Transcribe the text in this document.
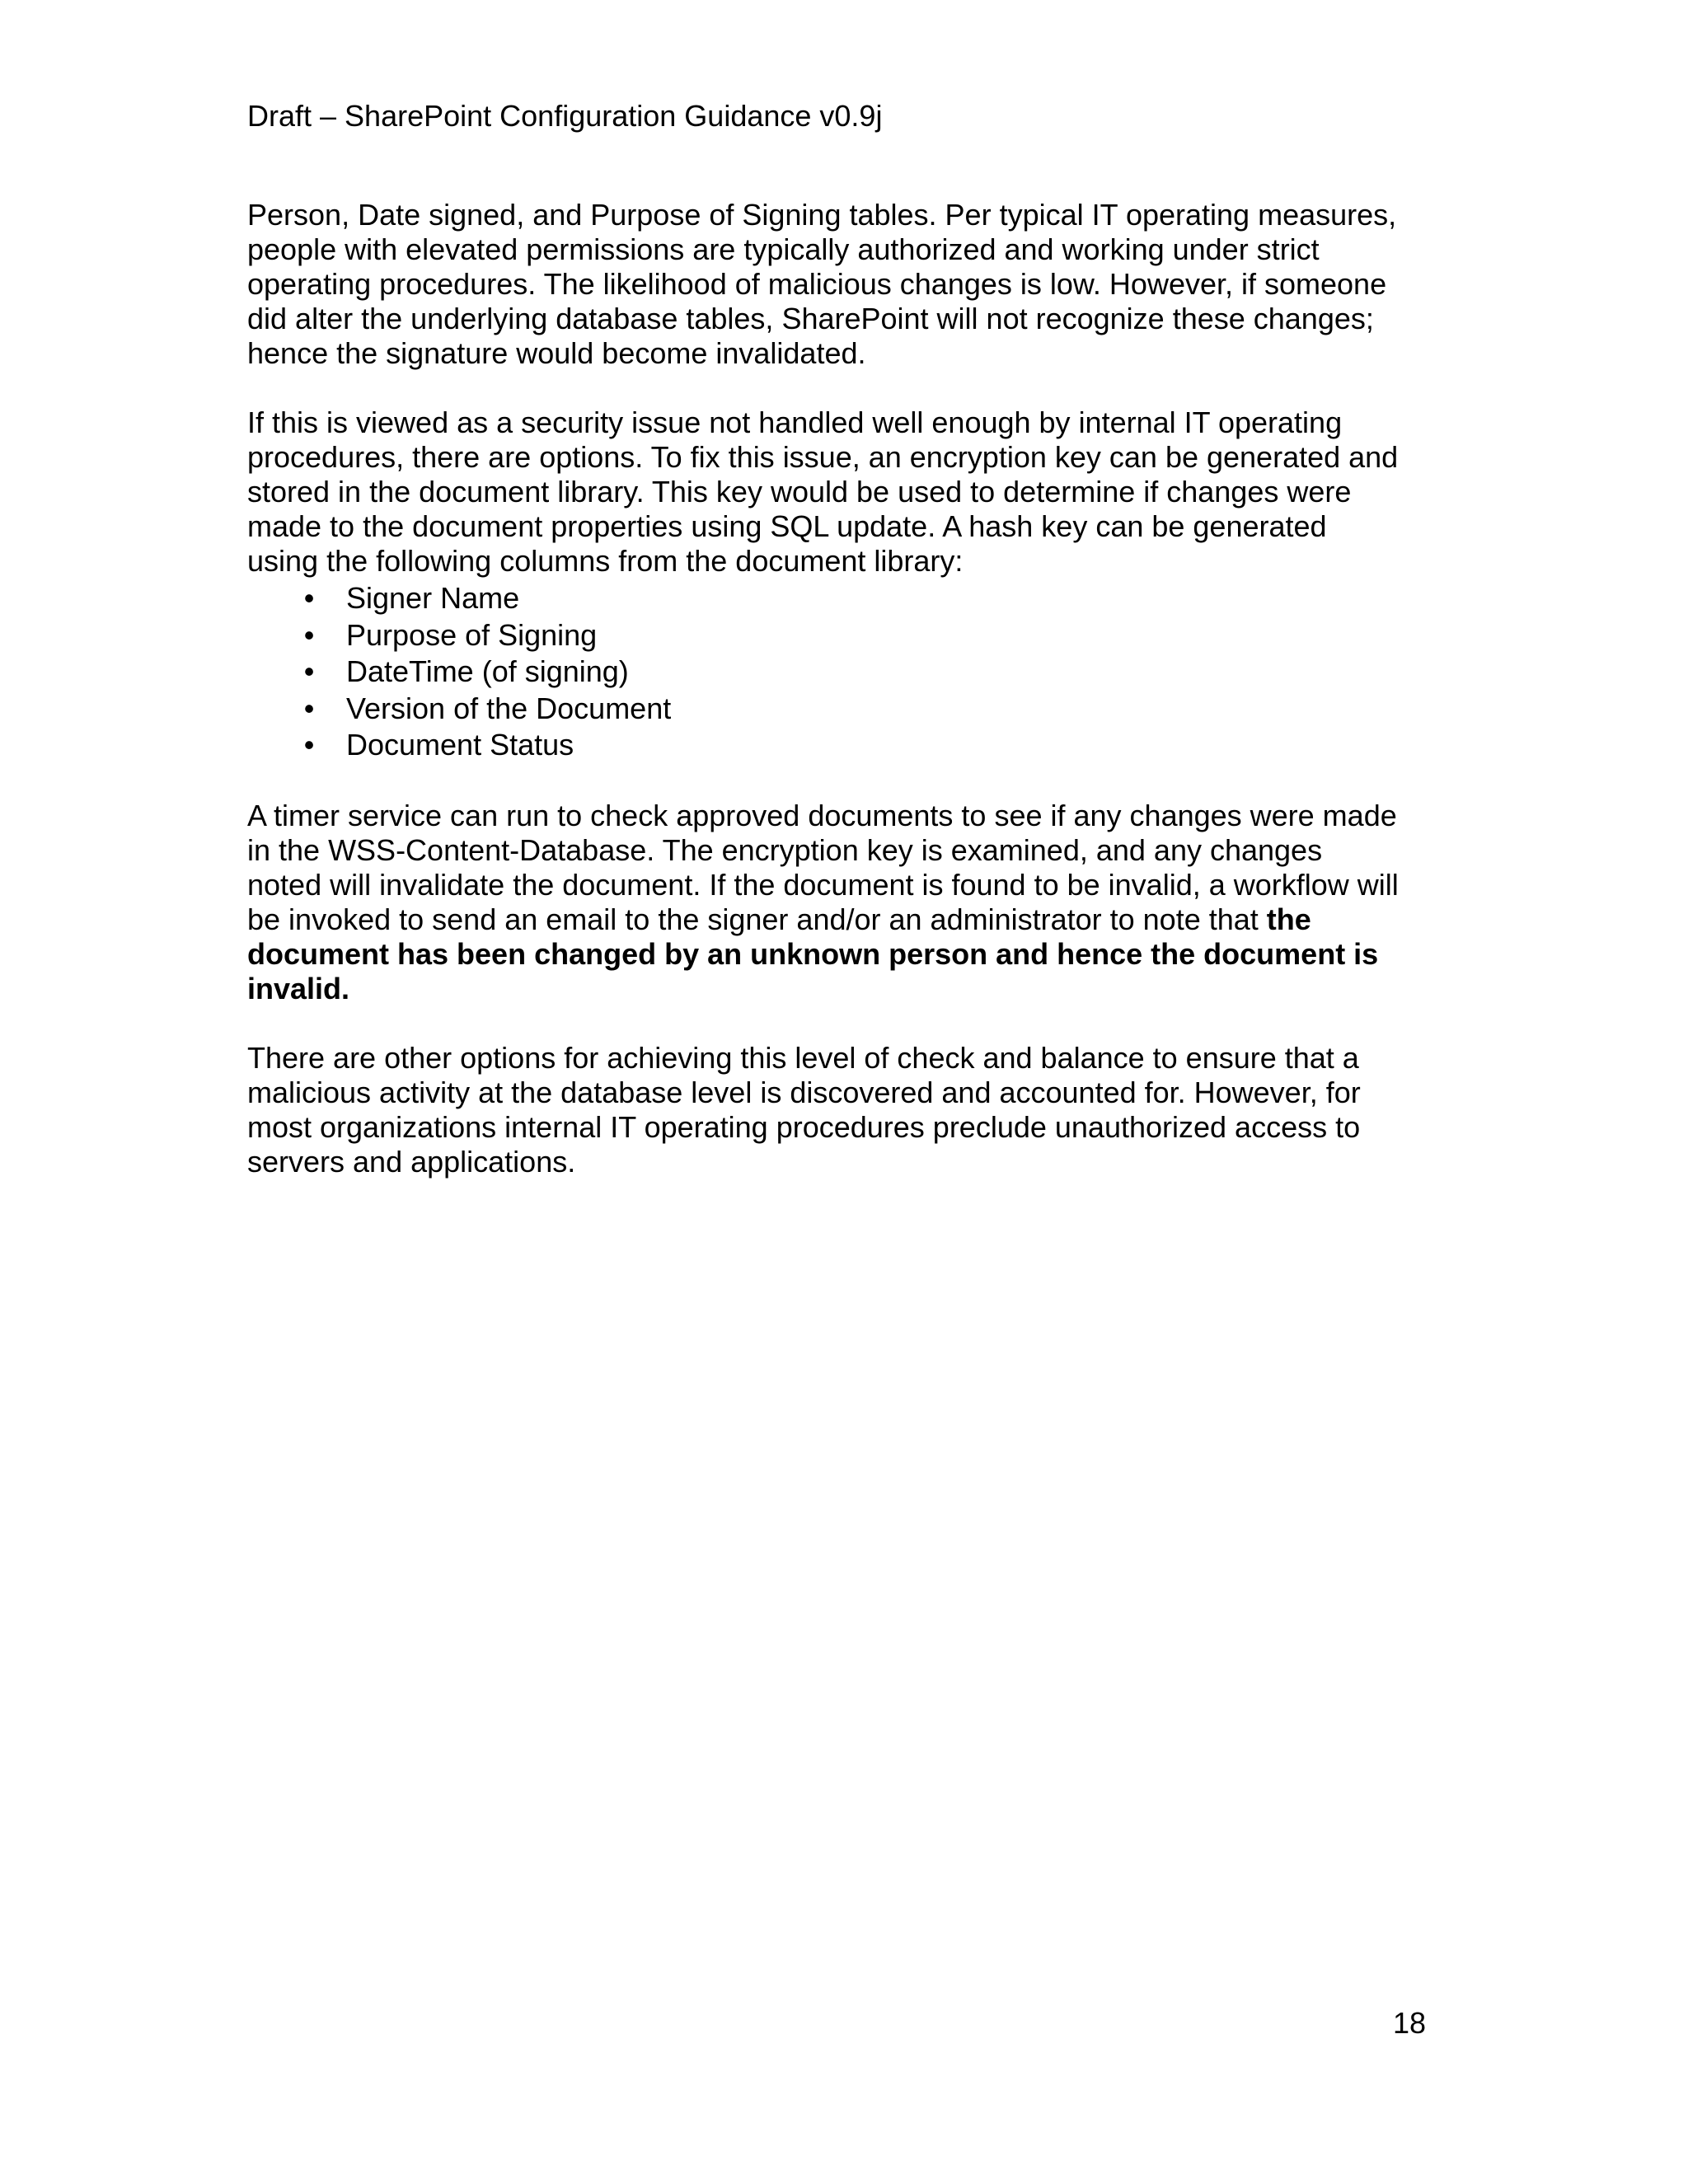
Draft – SharePoint Configuration Guidance v0.9j

Person, Date signed, and Purpose of Signing tables. Per typical IT operating measures,
people with elevated permissions are typically authorized and working under strict
operating procedures. The likelihood of malicious changes is low. However, if someone
did alter the underlying database tables, SharePoint will not recognize these changes;
hence the signature would become invalidated.

If this is viewed as a security issue not handled well enough by internal IT operating
procedures, there are options. To fix this issue, an encryption key can be generated and
stored in the document library. This key would be used to determine if changes were
made to the document properties using SQL update. A hash key can be generated
using the following columns from the document library:

• Signer Name
• Purpose of Signing
• DateTime (of signing)
• Version of the Document
• Document Status

A timer service can run to check approved documents to see if any changes were made
in the WSS-Content-Database. The encryption key is examined, and any changes
noted will invalidate the document. If the document is found to be invalid, a workflow will
be invoked to send an email to the signer and/or an administrator to note that the
document has been changed by an unknown person and hence the document is
invalid.

There are other options for achieving this level of check and balance to ensure that a
malicious activity at the database level is discovered and accounted for. However, for
most organizations internal IT operating procedures preclude unauthorized access to
servers and applications.

18
